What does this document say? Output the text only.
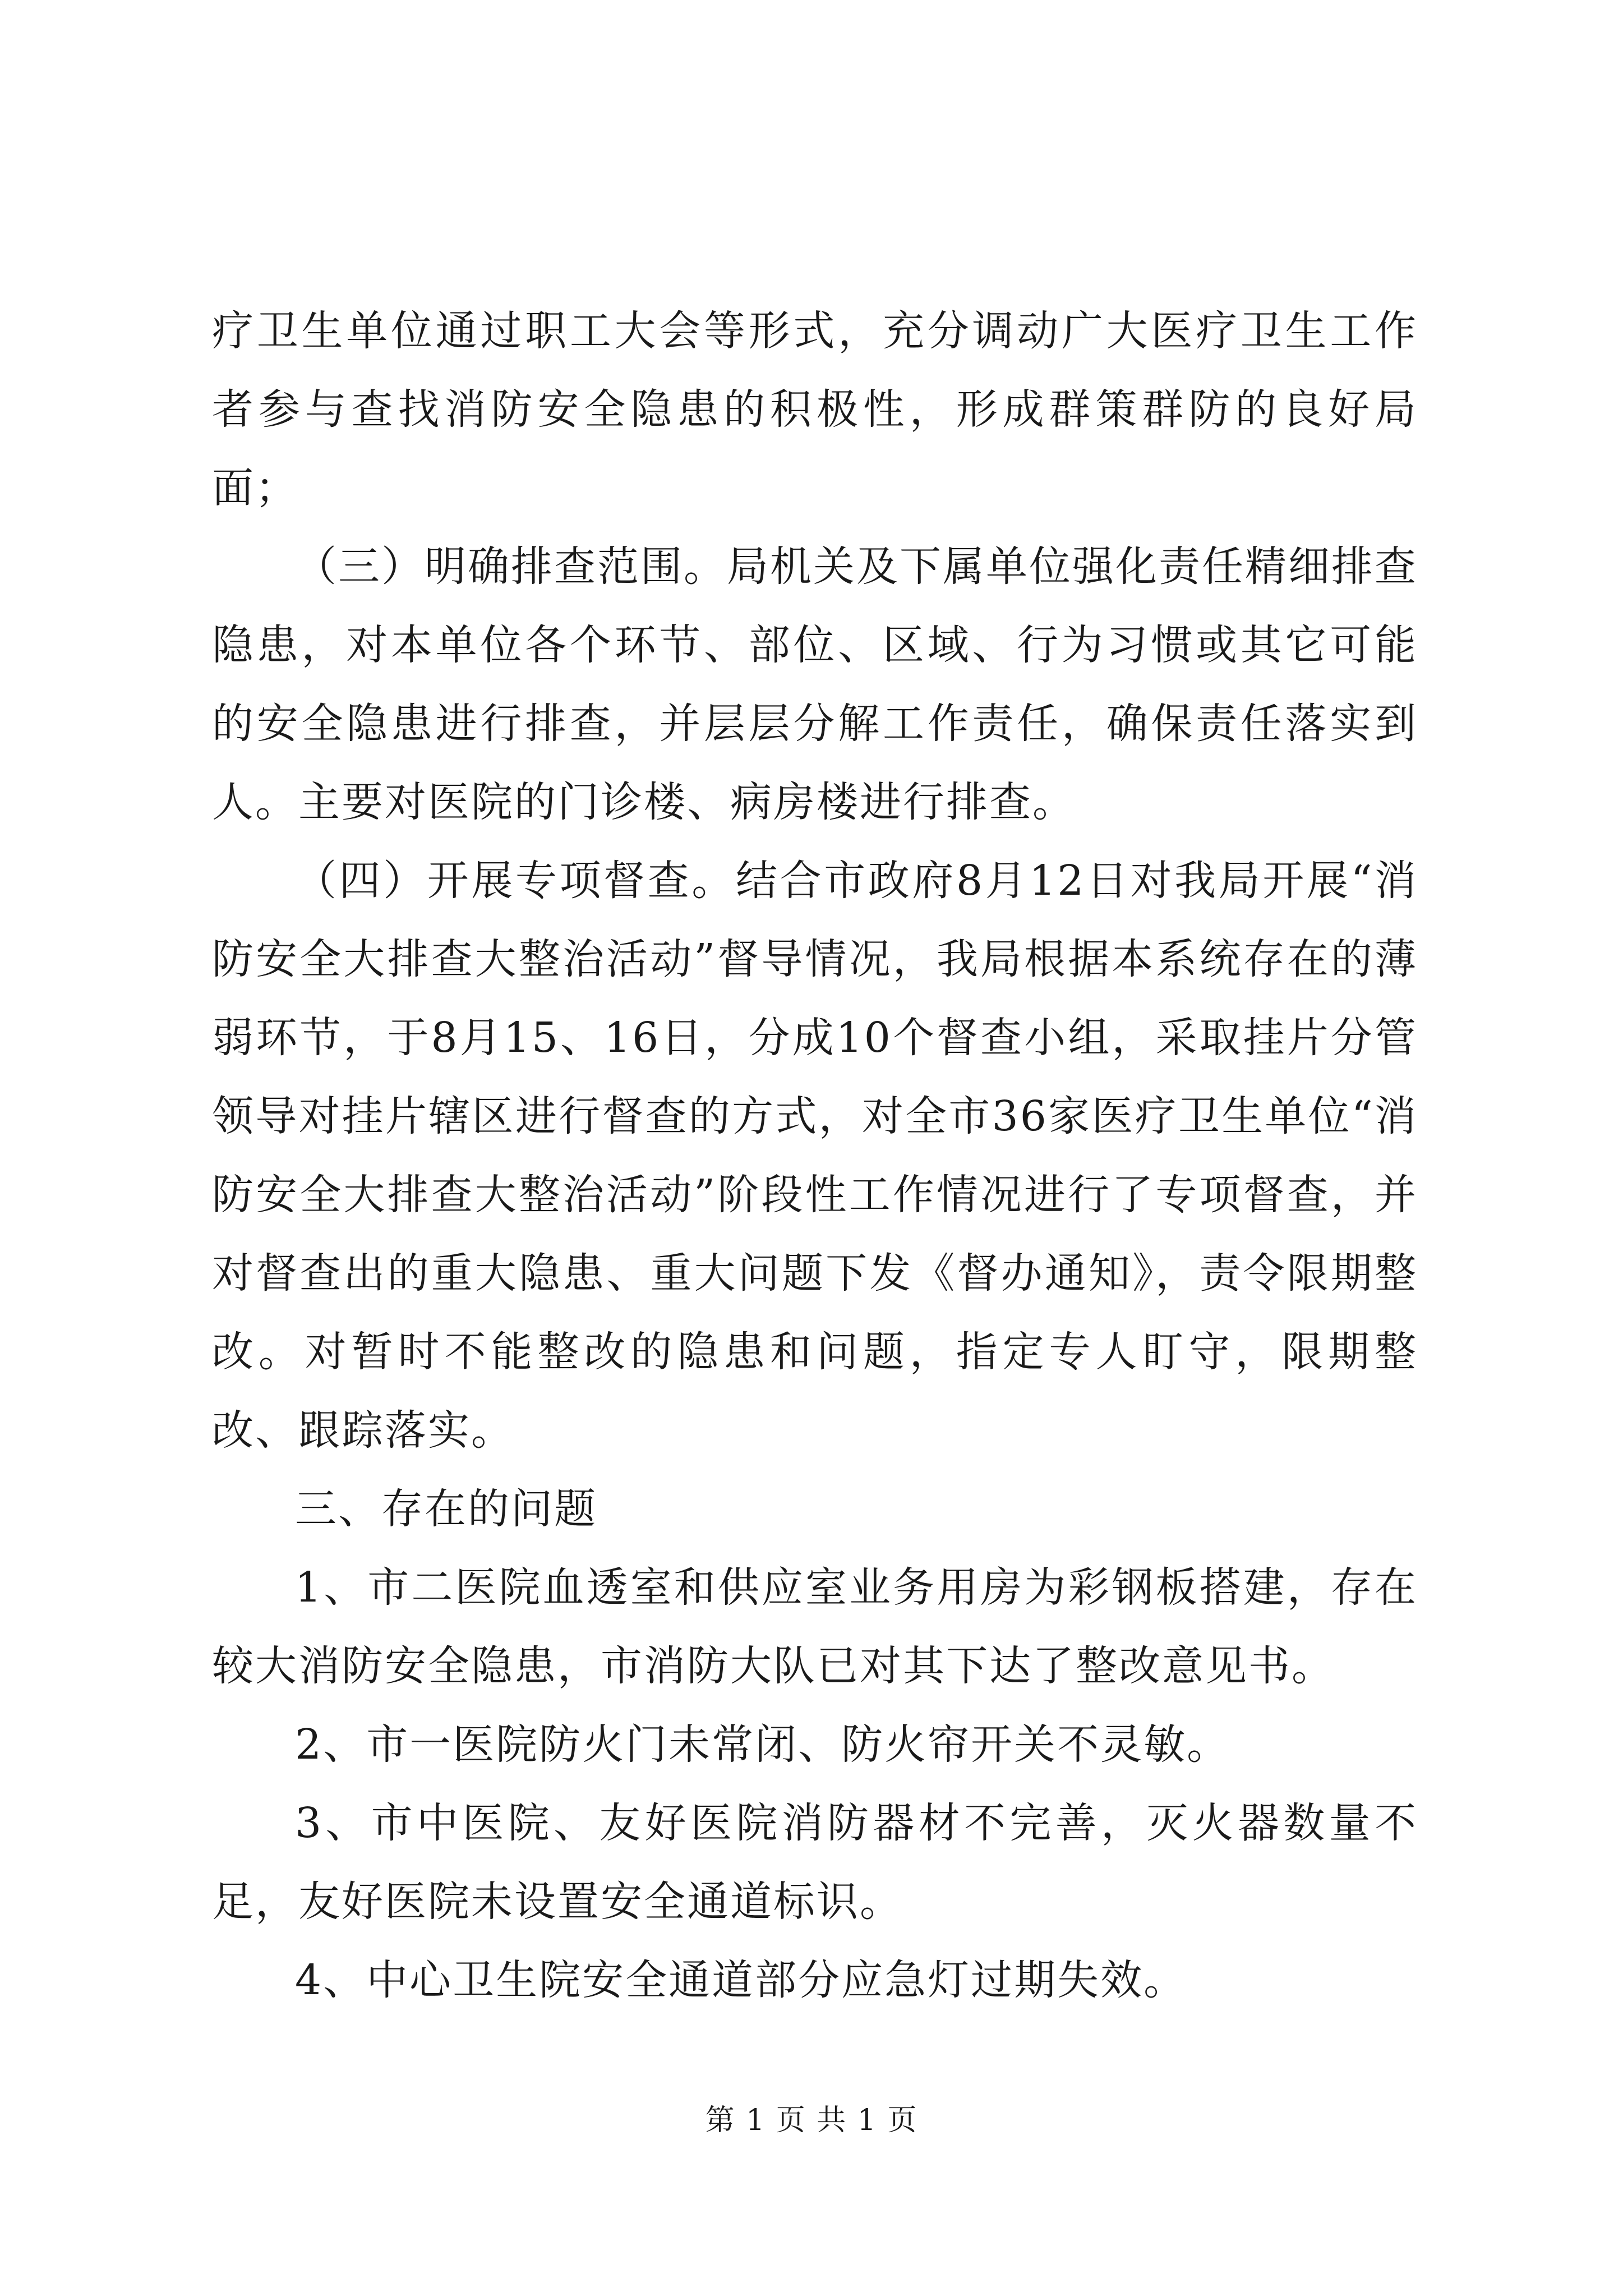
疗卫生单位通过职工大会等形式，充分调动广大医疗卫生工作者参与查找消防安全隐患的积极性，形成群策群防的良好局面；

（三）明确排查范围。局机关及下属单位强化责任精细排查隐患，对本单位各个环节、部位、区域、行为习惯或其它可能的安全隐患进行排查，并层层分解工作责任，确保责任落实到人。主要对医院的门诊楼、病房楼进行排查。

（四）开展专项督查。结合市政府8月12日对我局开展“消防安全大排查大整治活动”督导情况，我局根据本系统存在的薄弱环节，于8月15、16日，分成10个督查小组，采取挂片分管领导对挂片辖区进行督查的方式，对全市36家医疗卫生单位“消防安全大排查大整治活动”阶段性工作情况进行了专项督查，并对督查出的重大隐患、重大问题下发《督办通知》，责令限期整改。对暂时不能整改的隐患和问题，指定专人盯守，限期整改、跟踪落实。

三、存在的问题

1、市二医院血透室和供应室业务用房为彩钢板搭建，存在较大消防安全隐患，市消防大队已对其下达了整改意见书。

2、市一医院防火门未常闭、防火帘开关不灵敏。

3、市中医院、友好医院消防器材不完善，灭火器数量不足，友好医院未设置安全通道标识。

4、中心卫生院安全通道部分应急灯过期失效。

第 1 页 共 1 页
